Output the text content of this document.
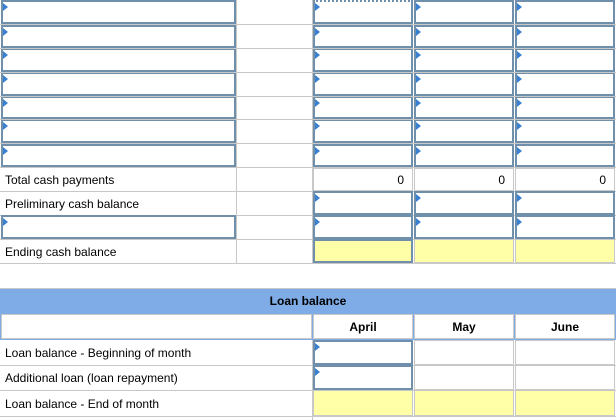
Total cash payments	0	0	0
Preliminary cash balance
Ending cash balance
Loan balance
April	May	June
Loan balance - Beginning of month
Additional loan (loan repayment)
Loan balance - End of month
